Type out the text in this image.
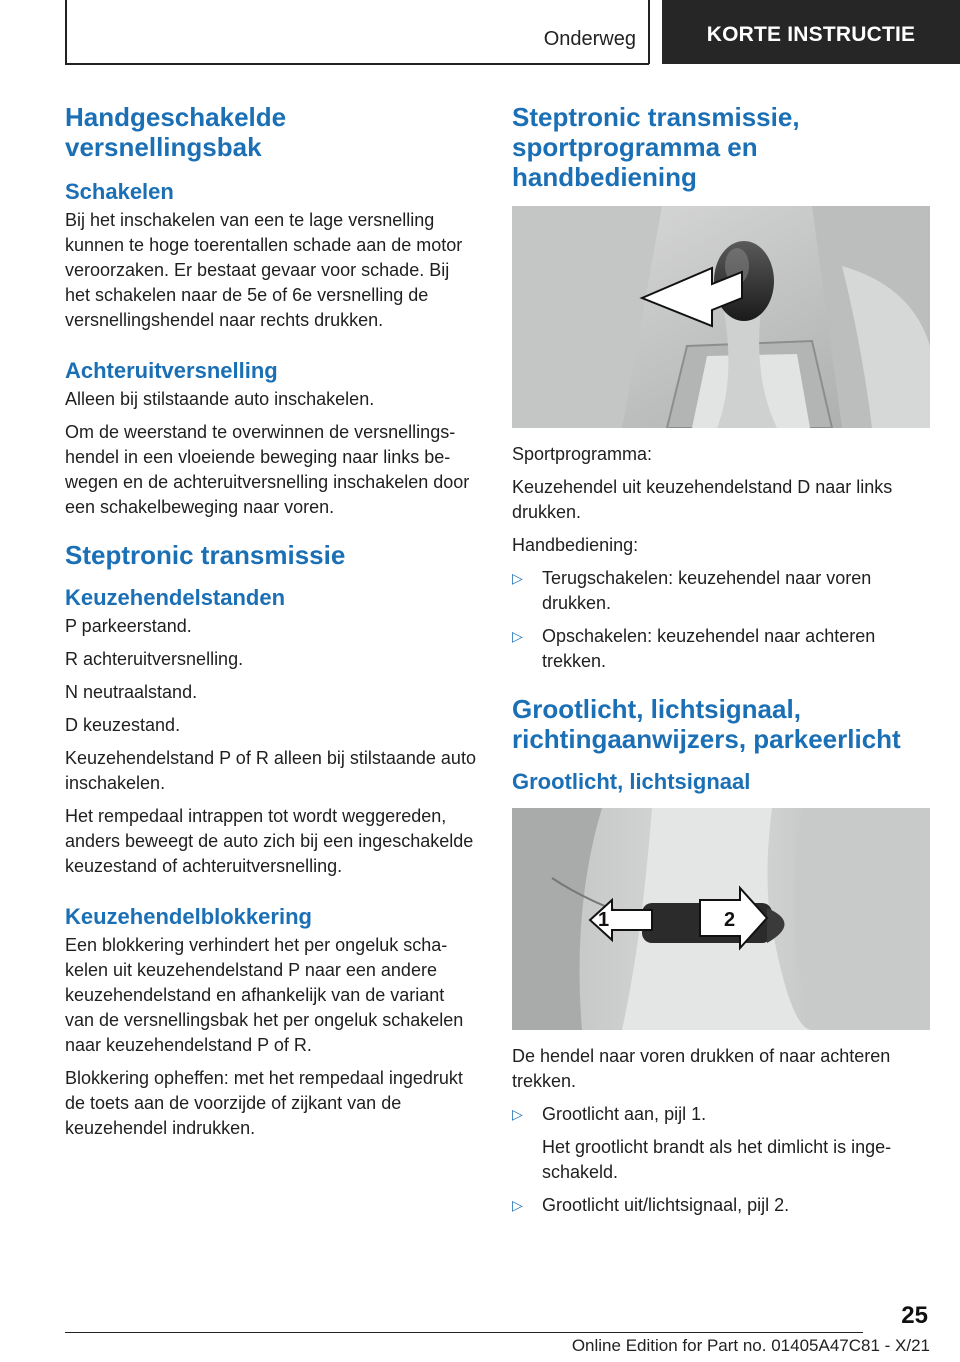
Onderweg	KORTE INSTRUCTIE
Handgeschakelde versnellingsbak
Schakelen

Bij het inschakelen van een te lage versnelling kunnen te hoge toerentallen schade aan de motor veroorzaken. Er bestaat gevaar voor schade. Bij het schakelen naar de 5e of 6e versnelling de versnellingshendel naar rechts drukken.

Achteruitversnelling

Alleen bij stilstaande auto inschakelen.

Om de weerstand te overwinnen de versnellingshendel in een vloeiende beweging naar links bewegen en de achteruitversnelling inschakelen door een schakelbeweging naar voren.

Steptronic transmissie
Keuzehendelstanden

P parkeerstand.

R achteruitversnelling.

N neutraalstand.

D keuzestand.

Keuzehendelstand P of R alleen bij stilstaande auto inschakelen.

Het rempedaal intrappen tot wordt weggereden, anders beweegt de auto zich bij een ingeschakelde keuzestand of achteruitversnelling.

Keuzehendelblokkering

Een blokkering verhindert het per ongeluk schakelen uit keuzehendelstand P naar een andere keuzehendelstand en afhankelijk van de variant van de versnellingsbak het per ongeluk schakelen naar keuzehendelstand P of R.

Blokkering opheffen: met het rempedaal ingedrukt de toets aan de voorzijde of zijkant van de keuzehendel indrukken.

Steptronic transmissie, sportprogramma en handbediening

Sportprogramma:

Keuzehendel uit keuzehendelstand D naar links drukken.

Handbediening:

▷ Terugschakelen: keuzehendel naar voren drukken.
▷ Opschakelen: keuzehendel naar achteren trekken.
Grootlicht, lichtsignaal, richtingaanwijzers, parkeerlicht
Grootlicht, lichtsignaal
1	2

De hendel naar voren drukken of naar achteren trekken.

▷ Grootlicht aan, pijl 1.
Het grootlicht brandt als het dimlicht is ingeschakeld.
▷ Grootlicht uit/lichtsignaal, pijl 2.
25
Online Edition for Part no. 01405A47C81 - X/21
